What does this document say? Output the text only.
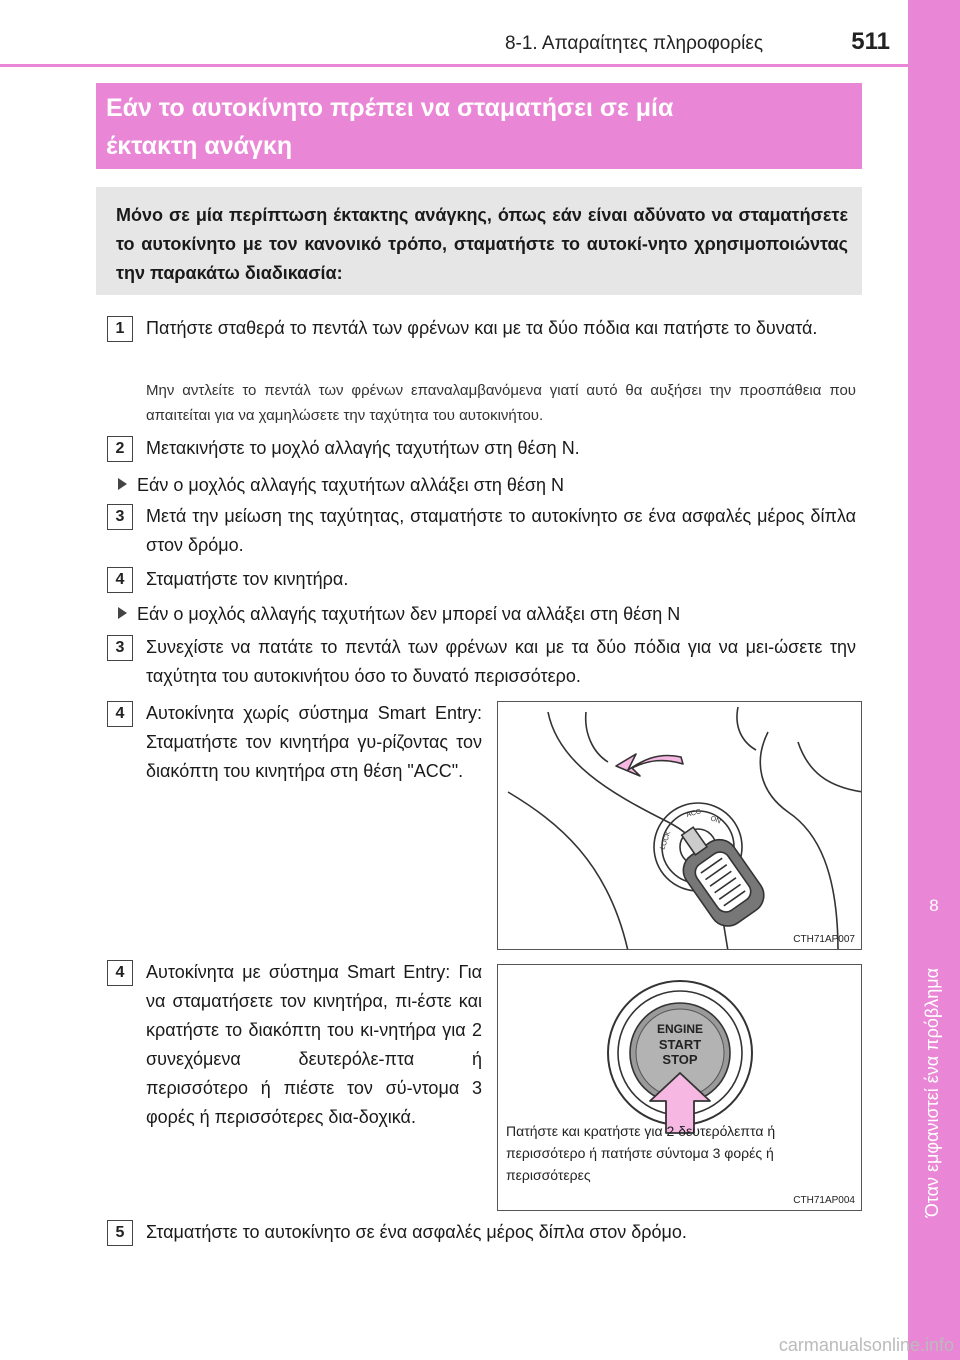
8-1. Απαραίτητες πληροφορίες	511
8
Όταν εμφανιστεί ένα πρόβλημα
Εάν το αυτοκίνητο πρέπει να σταματήσει σε μία
έκτακτη ανάγκη

Μόνο σε μία περίπτωση έκτακτης ανάγκης, όπως εάν είναι αδύνατο να σταματήσετε το αυτοκίνητο με τον κανονικό τρόπο, σταματήστε το αυτοκί-νητο χρησιμοποιώντας την παρακάτω διαδικασία:

1	Πατήστε σταθερά το πεντάλ των φρένων και με τα δύο πόδια και πατήστε το δυνατά.
Μην αντλείτε το πεντάλ των φρένων επαναλαμβανόμενα γιατί αυτό θα αυξήσει την προσπάθεια που απαιτείται για να χαμηλώσετε την ταχύτητα του αυτοκινήτου.
2	Μετακινήστε το μοχλό αλλαγής ταχυτήτων στη θέση N.
Εάν ο μοχλός αλλαγής ταχυτήτων αλλάξει στη θέση N
3	Μετά την μείωση της ταχύτητας, σταματήστε το αυτοκίνητο σε ένα ασφαλές μέρος δίπλα στον δρόμο.
4	Σταματήστε τον κινητήρα.
Εάν ο μοχλός αλλαγής ταχυτήτων δεν μπορεί να αλλάξει στη θέση N
3	Συνεχίστε να πατάτε το πεντάλ των φρένων και με τα δύο πόδια για να μει-ώσετε την ταχύτητα του αυτοκινήτου όσο το δυνατό περισσότερο.
4	Αυτοκίνητα χωρίς σύστημα Smart Entry: Σταματήστε τον κινητήρα γυ-ρίζοντας τον διακόπτη του κινητήρα στη θέση "ACC".
LOCK
ACC
ON
CTH71AP007
4	Αυτοκίνητα με σύστημα Smart Entry: Για να σταματήσετε τον κινητήρα, πι-έστε και κρατήστε το διακόπτη του κι-νητήρα για 2 συνεχόμενα δευτερόλε-πτα ή περισσότερο ή πιέστε τον σύ-ντομα 3 φορές ή περισσότερες δια-δοχικά.
ENGINE
START
STOP
Πατήστε και κρατήστε για 2 δευτερόλεπτα ή περισσότερο ή πατήστε σύντομα 3 φορές ή περισσότερες
CTH71AP004
5	Σταματήστε το αυτοκίνητο σε ένα ασφαλές μέρος δίπλα στον δρόμο.
carmanualsonline.info
